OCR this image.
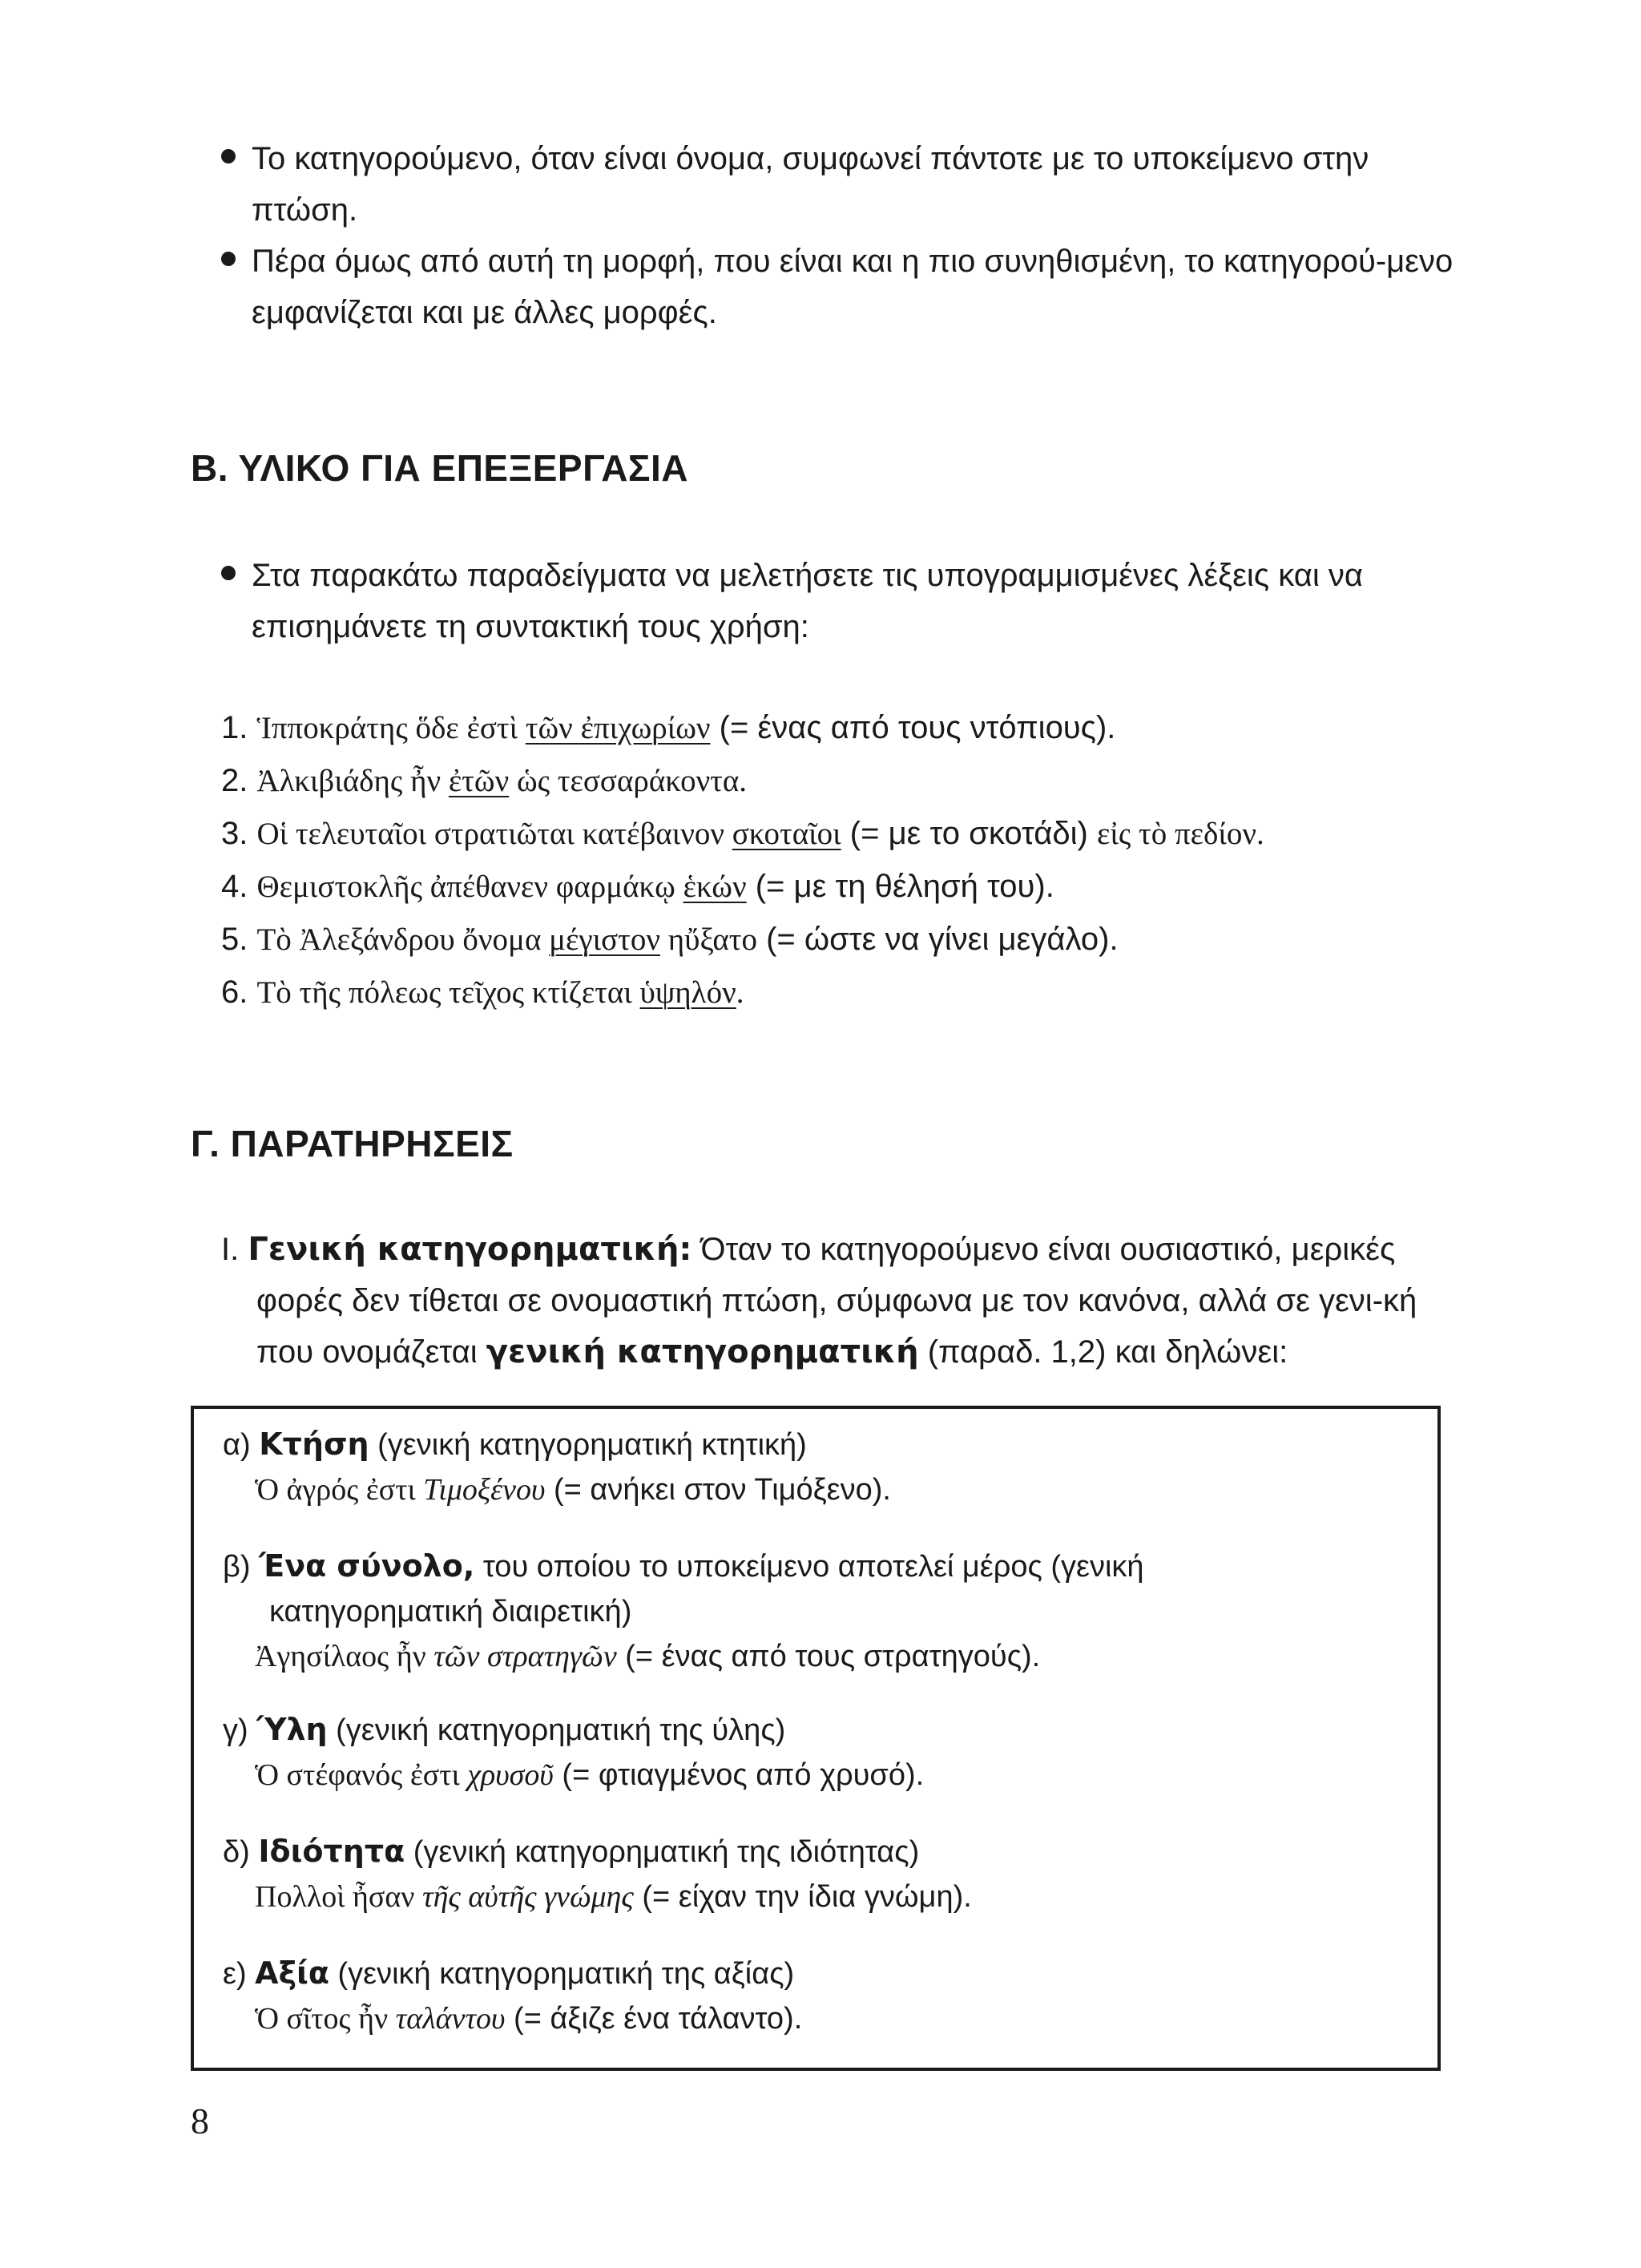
Το κατηγορούμενο, όταν είναι όνομα, συμφωνεί πάντοτε με το υποκείμενο στην πτώση.
Πέρα όμως από αυτή τη μορφή, που είναι και η πιο συνηθισμένη, το κατηγορού-μενο εμφανίζεται και με άλλες μορφές.
Β. ΥΛΙΚΟ ΓΙΑ ΕΠΕΞΕΡΓΑΣΙΑ
Στα παρακάτω παραδείγματα να μελετήσετε τις υπογραμμισμένες λέξεις και να επισημάνετε τη συντακτική τους χρήση:
1. Ἱπποκράτης ὅδε ἐστὶ τῶν ἐπιχωρίων (= ένας από τους ντόπιους).
2. Ἀλκιβιάδης ἦν ἐτῶν ὡς τεσσαράκοντα.
3. Οἱ τελευταῖοι στρατιῶται κατέβαινον σκοταῖοι (= με το σκοτάδι) εἰς τὸ πεδίον.
4. Θεμιστοκλῆς ἀπέθανεν φαρμάκῳ ἑκών (= με τη θέλησή του).
5. Τὸ Ἀλεξάνδρου ὄνομα μέγιστον ηὔξατο (= ώστε να γίνει μεγάλο).
6. Τὸ τῆς πόλεως τεῖχος κτίζεται ὑψηλόν.
Γ. ΠΑΡΑΤΗΡΗΣΕΙΣ
Ι. Γενική κατηγορηματική: Όταν το κατηγορούμενο είναι ουσιαστικό, μερικές φορές δεν τίθεται σε ονομαστική πτώση, σύμφωνα με τον κανόνα, αλλά σε γενι-κή που ονομάζεται γενική κατηγορηματική (παραδ. 1,2) και δηλώνει:
α) Κτήση (γενική κατηγορηματική κτητική)
Ὁ ἀγρός ἐστι Τιμοξένου (= ανήκει στον Τιμόξενο).
β) Ένα σύνολο, του οποίου το υποκείμενο αποτελεί μέρος (γενική
κατηγορηματική διαιρετική)
Ἀγησίλαος ἦν τῶν στρατηγῶν (= ένας από τους στρατηγούς).
γ) Ύλη (γενική κατηγορηματική της ύλης)
Ὁ στέφανός ἐστι χρυσοῦ (= φτιαγμένος από χρυσό).
δ) Ιδιότητα (γενική κατηγορηματική της ιδιότητας)
Πολλοὶ ἦσαν τῆς αὐτῆς γνώμης (= είχαν την ίδια γνώμη).
ε) Αξία (γενική κατηγορηματική της αξίας)
Ὁ σῖτος ἦν ταλάντου (= άξιζε ένα τάλαντο).
8
